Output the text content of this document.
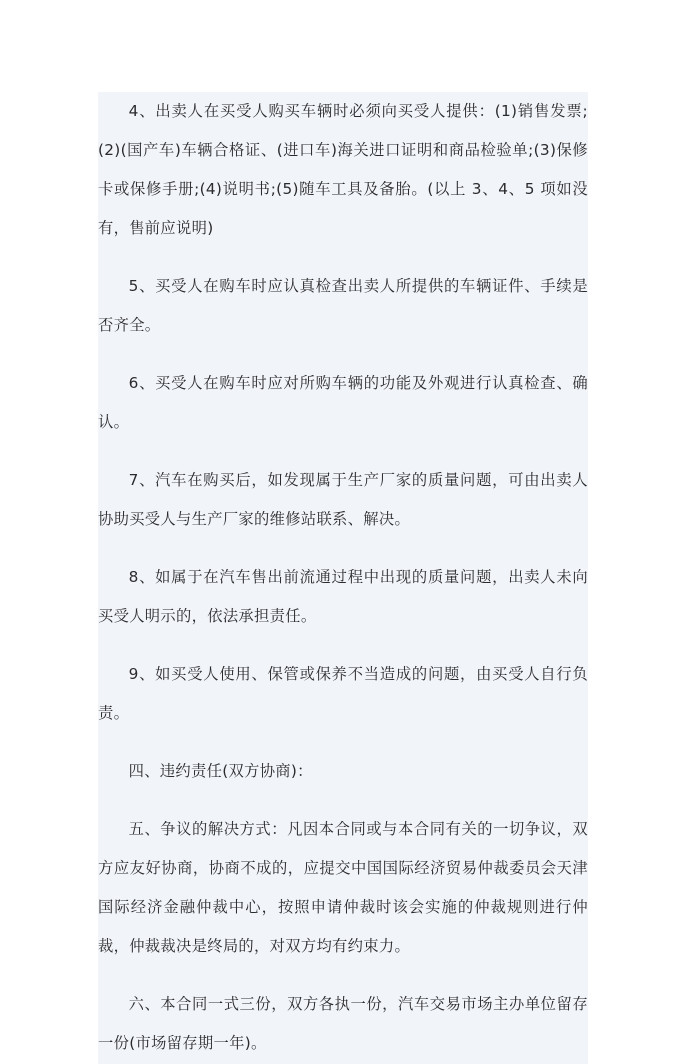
4、出卖人在买受人购买车辆时必须向买受人提供：(1)销售发票;(2)(国产车)车辆合格证、(进口车)海关进口证明和商品检验单;(3)保修卡或保修手册;(4)说明书;(5)随车工具及备胎。(以上 3、4、5 项如没有，售前应说明)

5、买受人在购车时应认真检查出卖人所提供的车辆证件、手续是否齐全。

6、买受人在购车时应对所购车辆的功能及外观进行认真检查、确认。

7、汽车在购买后，如发现属于生产厂家的质量问题，可由出卖人协助买受人与生产厂家的维修站联系、解决。

8、如属于在汽车售出前流通过程中出现的质量问题，出卖人未向买受人明示的，依法承担责任。

9、如买受人使用、保管或保养不当造成的问题，由买受人自行负责。

四、违约责任(双方协商)：

五、争议的解决方式：凡因本合同或与本合同有关的一切争议，双方应友好协商，协商不成的，应提交中国国际经济贸易仲裁委员会天津国际经济金融仲裁中心，按照申请仲裁时该会实施的仲裁规则进行仲裁，仲裁裁决是终局的，对双方均有约束力。

六、本合同一式三份，双方各执一份，汽车交易市场主办单位留存一份(市场留存期一年)。
